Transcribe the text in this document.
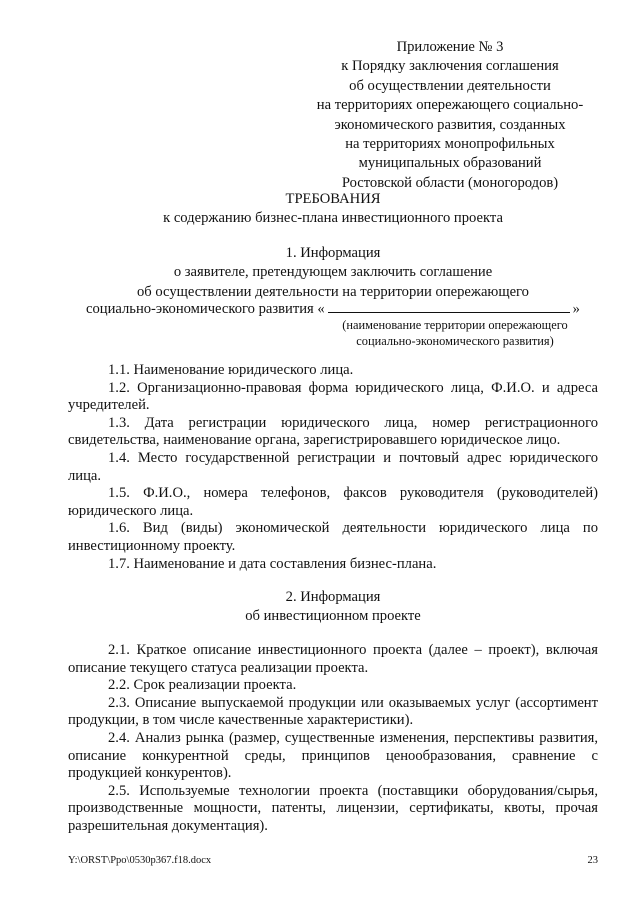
Приложение № 3
к Порядку заключения соглашения
об осуществлении деятельности
на территориях опережающего социально-
экономического развития, созданных
на территориях монопрофильных
муниципальных образований
Ростовской области (моногородов)
ТРЕБОВАНИЯ
к содержанию бизнес-плана инвестиционного проекта
1. Информация
о заявителе, претендующем заключить соглашение
об осуществлении деятельности на территории опережающего
социально-экономического развития «	»
(наименование территории опережающего
социально-экономического развития)
1.1. Наименование юридического лица.
1.2. Организационно-правовая форма юридического лица, Ф.И.О. и адреса учредителей.
1.3. Дата регистрации юридического лица, номер регистрационного свидетельства, наименование органа, зарегистрировавшего юридическое лицо.
1.4. Место государственной регистрации и почтовый адрес юридического лица.
1.5. Ф.И.О., номера телефонов, факсов руководителя (руководителей) юридического лица.
1.6. Вид (виды) экономической деятельности юридического лица по инвестиционному проекту.
1.7. Наименование и дата составления бизнес-плана.
2. Информация
об инвестиционном проекте
2.1. Краткое описание инвестиционного проекта (далее – проект), включая описание текущего статуса реализации проекта.
2.2. Срок реализации проекта.
2.3. Описание выпускаемой продукции или оказываемых услуг (ассортимент продукции, в том числе качественные характеристики).
2.4. Анализ рынка (размер, существенные изменения, перспективы развития, описание конкурентной среды, принципов ценообразования, сравнение с продукцией конкурентов).
2.5. Используемые технологии проекта (поставщики оборудования/сырья, производственные мощности, патенты, лицензии, сертификаты, квоты, прочая разрешительная документация).
Y:\ORST\Ppo\0530p367.f18.docx	23
